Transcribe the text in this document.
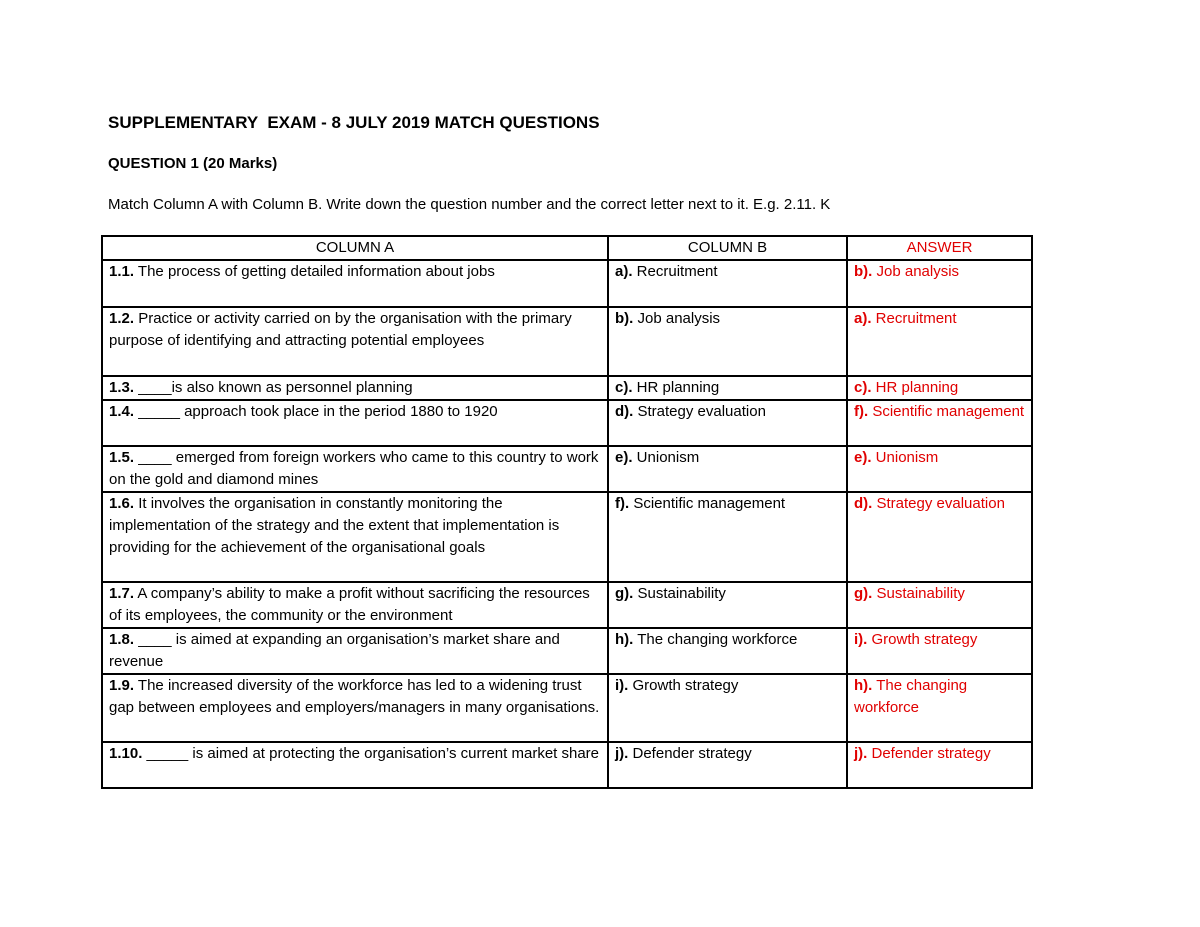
SUPPLEMENTARY  EXAM - 8 JULY 2019 MATCH QUESTIONS
QUESTION 1 (20 Marks)
Match Column A with Column B. Write down the question number and the correct letter next to it. E.g. 2.11. K
COLUMN A	COLUMN B	ANSWER
1.1. The process of getting detailed information about jobs	a). Recruitment	b). Job analysis
1.2. Practice or activity carried on by the organisation with the primary purpose of identifying and attracting potential employees	b). Job analysis	a). Recruitment
1.3. ____is also known as personnel planning	c). HR planning	c). HR planning
1.4. _____ approach took place in the period 1880 to 1920	d). Strategy evaluation	f). Scientific management
1.5. ____ emerged from foreign workers who came to this country to work on the gold and diamond mines	e). Unionism	e). Unionism
1.6. It involves the organisation in constantly monitoring the implementation of the strategy and the extent that implementation is providing for the achievement of the organisational goals	f). Scientific management	d). Strategy evaluation
1.7. A company’s ability to make a profit without sacrificing the resources of its employees, the community or the environment	g). Sustainability	g). Sustainability
1.8. ____ is aimed at expanding an organisation’s market share and revenue	h). The changing workforce	i). Growth strategy
1.9. The increased diversity of the workforce has led to a widening trust gap between employees and employers/managers in many organisations.	i). Growth strategy	h). The changing workforce
1.10. _____ is aimed at protecting the organisation’s current market share	j). Defender strategy	j). Defender strategy
